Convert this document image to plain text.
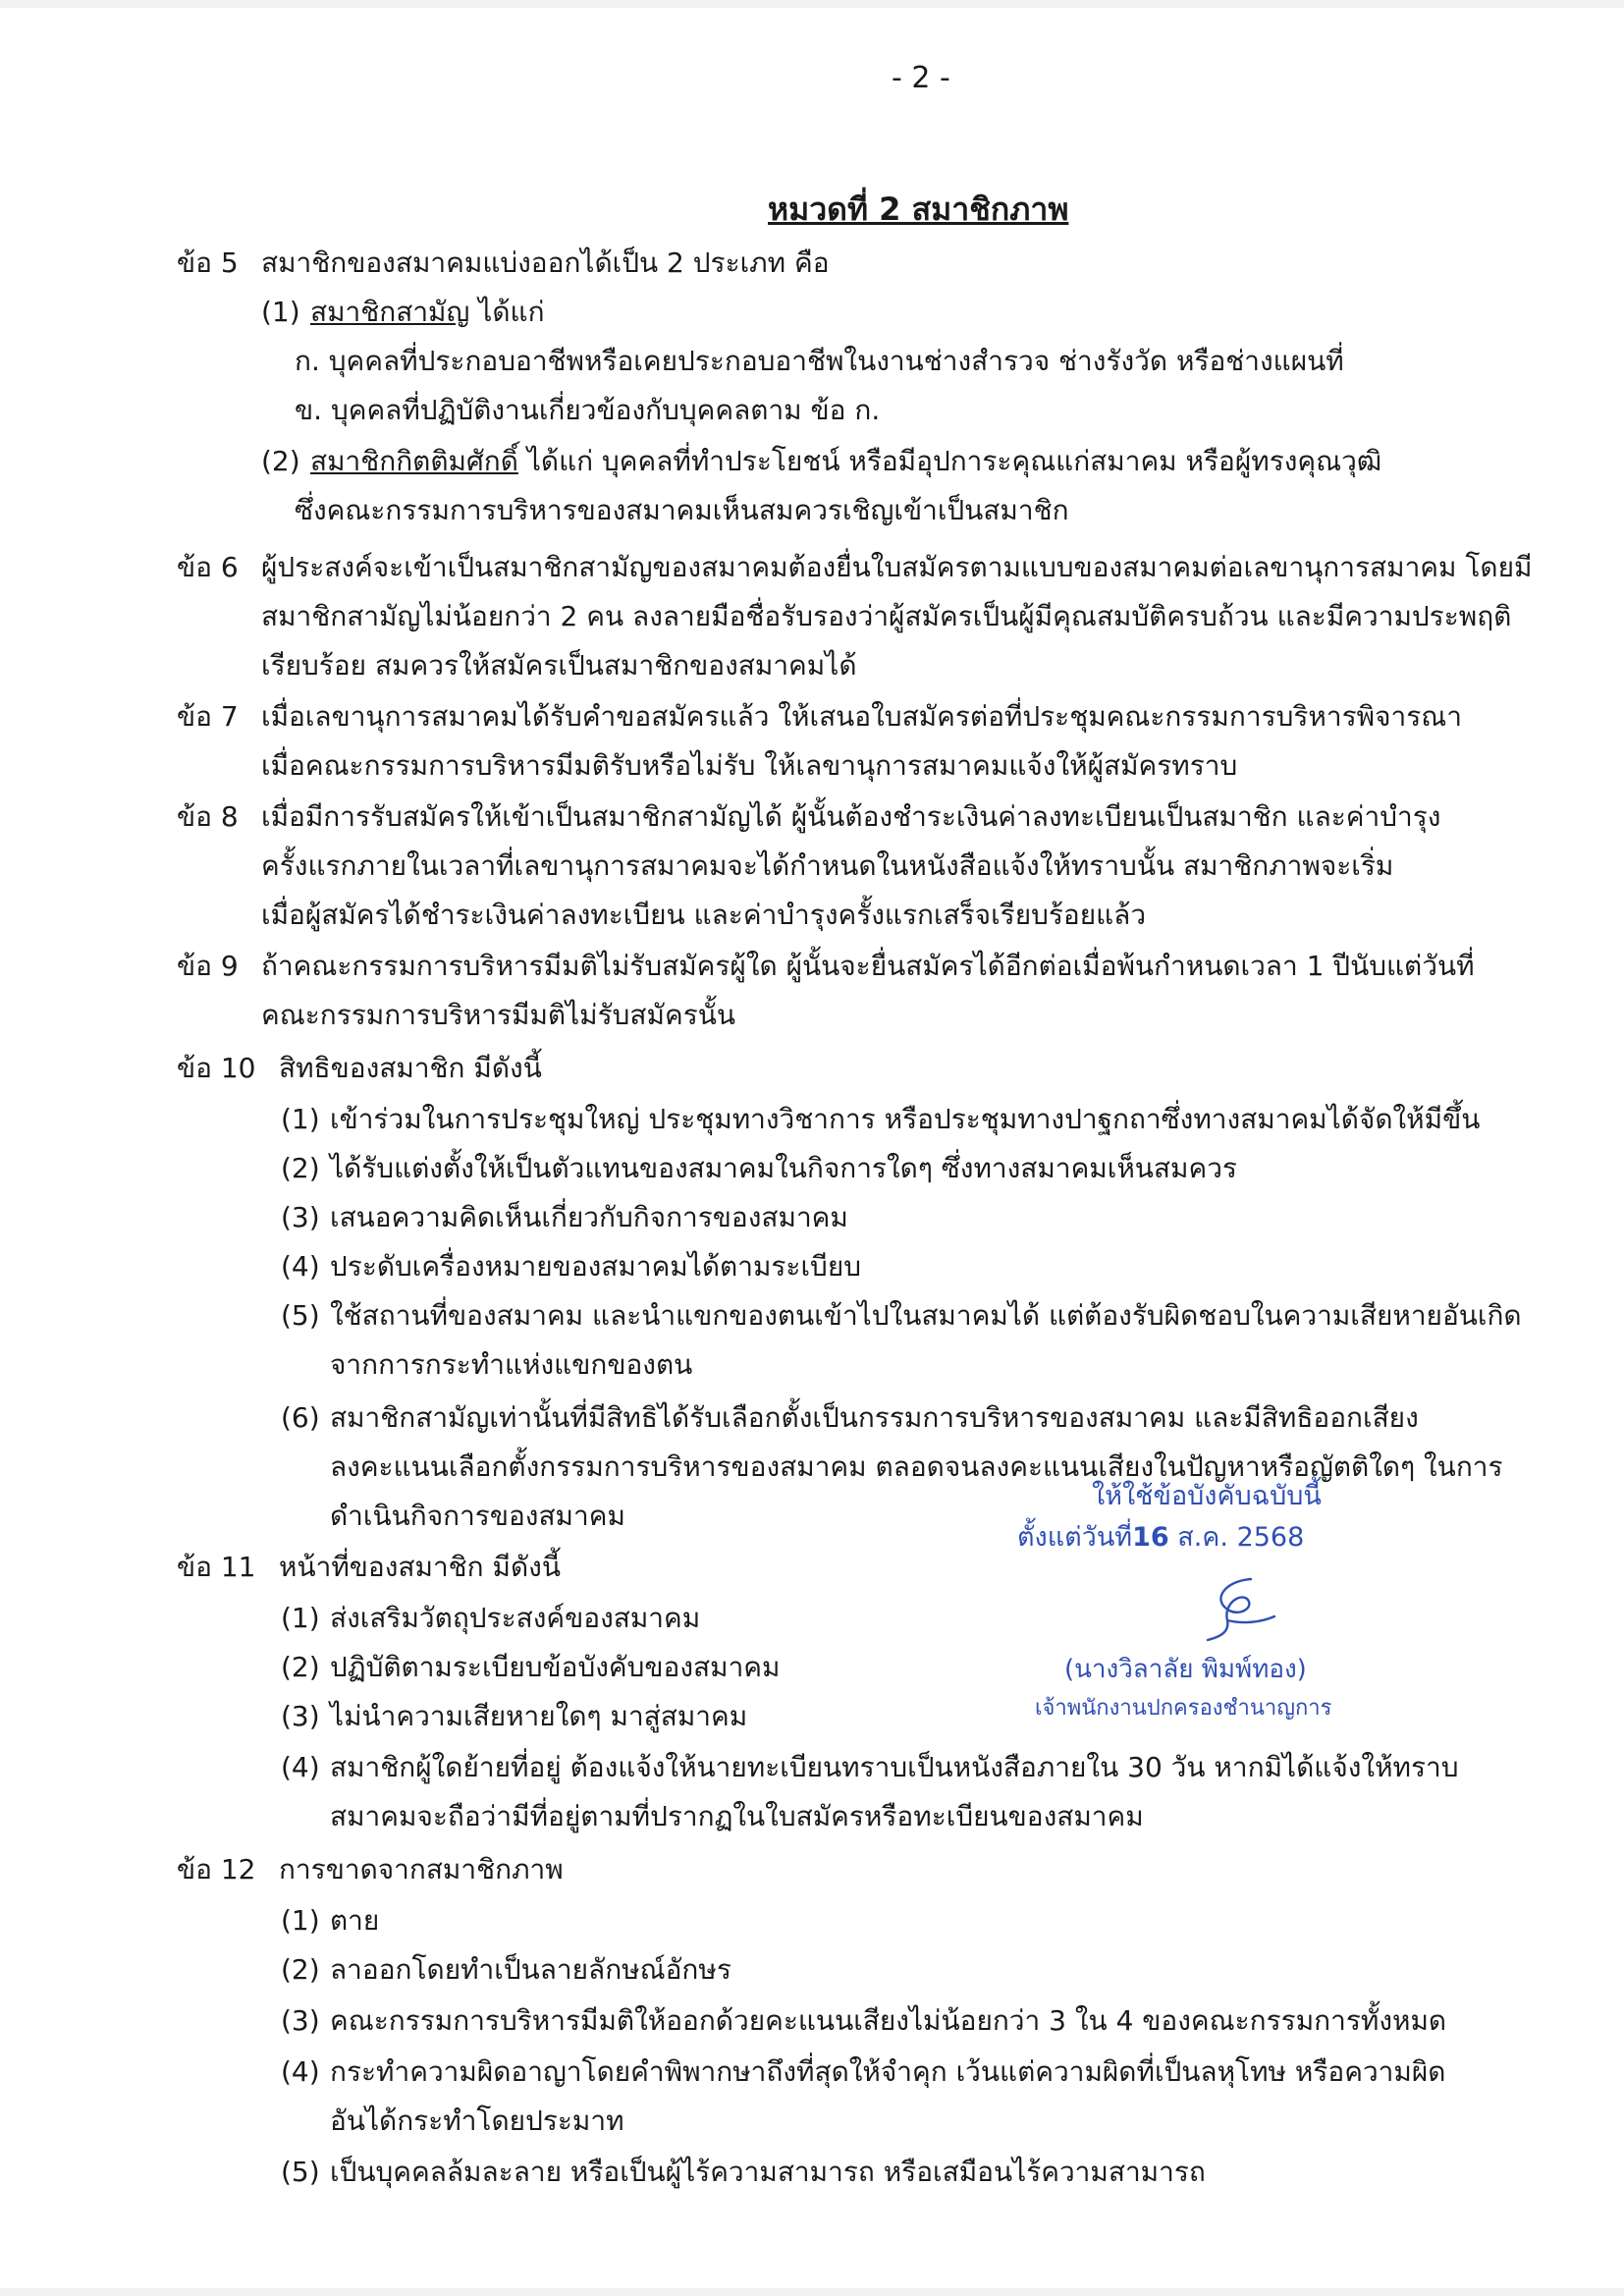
- 2 -
หมวดที่ 2 สมาชิกภาพ
ข้อ 5 สมาชิกของสมาคมแบ่งออกได้เป็น 2 ประเภท คือ
(1) สมาชิกสามัญ ได้แก่
ก. บุคคลที่ประกอบอาชีพหรือเคยประกอบอาชีพในงานช่างสำรวจ ช่างรังวัด หรือช่างแผนที่
ข. บุคคลที่ปฏิบัติงานเกี่ยวข้องกับบุคคลตาม ข้อ ก.
(2) สมาชิกกิตติมศักดิ์ ได้แก่ บุคคลที่ทำประโยชน์ หรือมีอุปการะคุณแก่สมาคม หรือผู้ทรงคุณวุฒิ
ซึ่งคณะกรรมการบริหารของสมาคมเห็นสมควรเชิญเข้าเป็นสมาชิก
ข้อ 6 ผู้ประสงค์จะเข้าเป็นสมาชิกสามัญของสมาคมต้องยื่นใบสมัครตามแบบของสมาคมต่อเลขานุการสมาคม โดยมี
สมาชิกสามัญไม่น้อยกว่า 2 คน ลงลายมือชื่อรับรองว่าผู้สมัครเป็นผู้มีคุณสมบัติครบถ้วน และมีความประพฤติ
เรียบร้อย สมควรให้สมัครเป็นสมาชิกของสมาคมได้
ข้อ 7 เมื่อเลขานุการสมาคมได้รับคำขอสมัครแล้ว ให้เสนอใบสมัครต่อที่ประชุมคณะกรรมการบริหารพิจารณา
เมื่อคณะกรรมการบริหารมีมติรับหรือไม่รับ ให้เลขานุการสมาคมแจ้งให้ผู้สมัครทราบ
ข้อ 8 เมื่อมีการรับสมัครให้เข้าเป็นสมาชิกสามัญได้ ผู้นั้นต้องชำระเงินค่าลงทะเบียนเป็นสมาชิก และค่าบำรุง
ครั้งแรกภายในเวลาที่เลขานุการสมาคมจะได้กำหนดในหนังสือแจ้งให้ทราบนั้น สมาชิกภาพจะเริ่ม
เมื่อผู้สมัครได้ชำระเงินค่าลงทะเบียน และค่าบำรุงครั้งแรกเสร็จเรียบร้อยแล้ว
ข้อ 9 ถ้าคณะกรรมการบริหารมีมติไม่รับสมัครผู้ใด ผู้นั้นจะยื่นสมัครได้อีกต่อเมื่อพ้นกำหนดเวลา 1 ปีนับแต่วันที่
คณะกรรมการบริหารมีมติไม่รับสมัครนั้น
ข้อ 10 สิทธิของสมาชิก มีดังนี้
(1) เข้าร่วมในการประชุมใหญ่ ประชุมทางวิชาการ หรือประชุมทางปาฐกถาซึ่งทางสมาคมได้จัดให้มีขึ้น
(2) ได้รับแต่งตั้งให้เป็นตัวแทนของสมาคมในกิจการใดๆ ซึ่งทางสมาคมเห็นสมควร
(3) เสนอความคิดเห็นเกี่ยวกับกิจการของสมาคม
(4) ประดับเครื่องหมายของสมาคมได้ตามระเบียบ
(5) ใช้สถานที่ของสมาคม และนำแขกของตนเข้าไปในสมาคมได้ แต่ต้องรับผิดชอบในความเสียหายอันเกิด
จากการกระทำแห่งแขกของตน
(6) สมาชิกสามัญเท่านั้นที่มีสิทธิได้รับเลือกตั้งเป็นกรรมการบริหารของสมาคม และมีสิทธิออกเสียง
ลงคะแนนเลือกตั้งกรรมการบริหารของสมาคม ตลอดจนลงคะแนนเสียงในปัญหาหรือญัตติใดๆ ในการ
ดำเนินกิจการของสมาคม
ข้อ 11 หน้าที่ของสมาชิก มีดังนี้
(1) ส่งเสริมวัตถุประสงค์ของสมาคม
(2) ปฏิบัติตามระเบียบข้อบังคับของสมาคม
(3) ไม่นำความเสียหายใดๆ มาสู่สมาคม
(4) สมาชิกผู้ใดย้ายที่อยู่ ต้องแจ้งให้นายทะเบียนทราบเป็นหนังสือภายใน 30 วัน หากมิได้แจ้งให้ทราบ
สมาคมจะถือว่ามีที่อยู่ตามที่ปรากฏในใบสมัครหรือทะเบียนของสมาคม
ข้อ 12 การขาดจากสมาชิกภาพ
(1) ตาย
(2) ลาออกโดยทำเป็นลายลักษณ์อักษร
(3) คณะกรรมการบริหารมีมติให้ออกด้วยคะแนนเสียงไม่น้อยกว่า 3 ใน 4 ของคณะกรรมการทั้งหมด
(4) กระทำความผิดอาญาโดยคำพิพากษาถึงที่สุดให้จำคุก เว้นแต่ความผิดที่เป็นลหุโทษ หรือความผิด
อันได้กระทำโดยประมาท
(5) เป็นบุคคลล้มละลาย หรือเป็นผู้ไร้ความสามารถ หรือเสมือนไร้ความสามารถ
ให้ใช้ข้อบังคับฉบับนี้
ตั้งแต่วันที่16 ส.ค. 2568
(นางวิลาลัย พิมพ์ทอง)
เจ้าพนักงานปกครองชำนาญการ
